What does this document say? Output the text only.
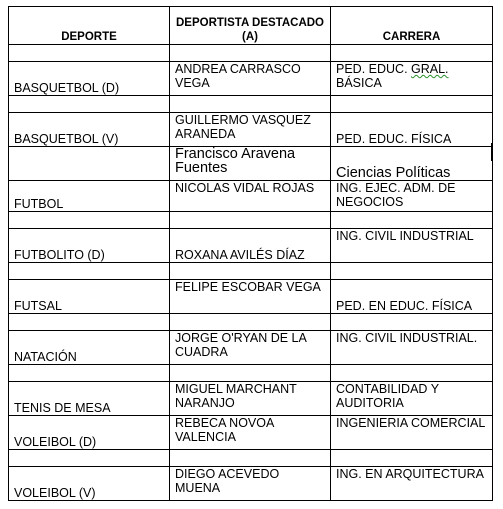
DEPORTE	DEPORTISTA DESTACADO (A)	CARRERA

BASQUETBOL (D)	ANDREA CARRASCO VEGA	PED. EDUC. GRAL. BÁSICA

BASQUETBOL (V)	GUILLERMO VASQUEZ ARANEDA	PED. EDUC. FÍSICA
	Francisco Aravena Fuentes	Ciencias Políticas
FUTBOL	NICOLAS VIDAL ROJAS	ING. EJEC. ADM. DE NEGOCIOS

FUTBOLITO (D)	ROXANA AVILÉS DÍAZ	ING. CIVIL INDUSTRIAL

FUTSAL	FELIPE ESCOBAR VEGA	PED. EN EDUC. FÍSICA

NATACIÓN	JORGE O'RYAN DE LA CUADRA	ING. CIVIL INDUSTRIAL.

TENIS DE MESA	MIGUEL MARCHANT NARANJO	CONTABILIDAD Y AUDITORIA
VOLEIBOL (D)	REBECA NOVOA VALENCIA	INGENIERIA COMERCIAL

VOLEIBOL (V)	DIEGO ACEVEDO MUENA	ING. EN ARQUITECTURA
